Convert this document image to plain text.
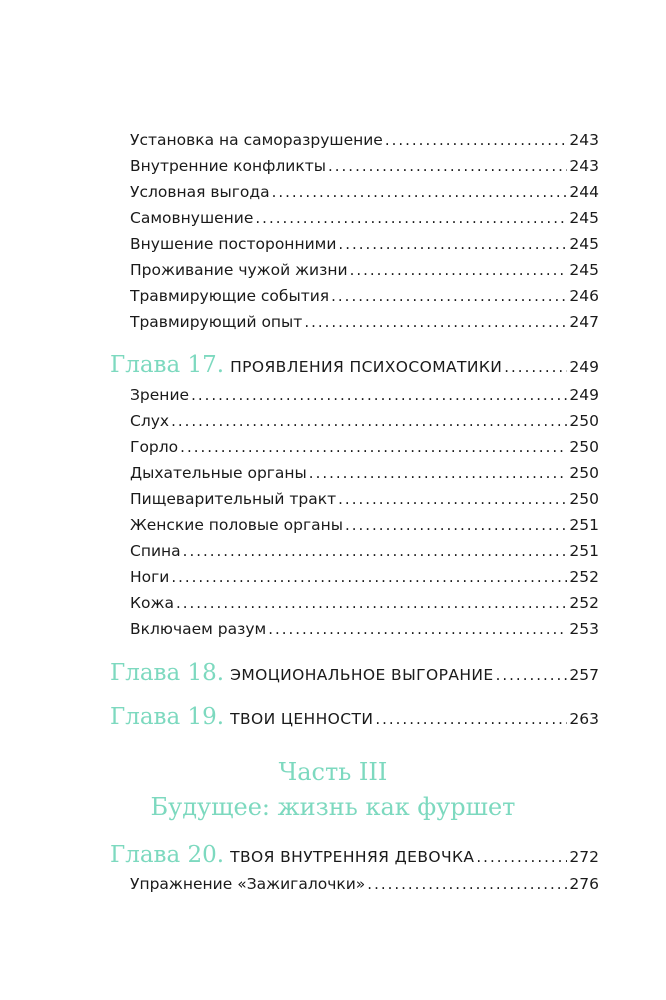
Установка на саморазрушение .....	243
Внутренние конфликты .....	243
Условная выгода .....	244
Самовнушение .....	245
Внушение посторонними .....	245
Проживание чужой жизни .....	245
Травмирующие события .....	246
Травмирующий опыт .....	247
Глава 17. ПРОЯВЛЕНИЯ ПСИХОСОМАТИКИ .....	249
Зрение .....	249
Слух .....	250
Горло .....	250
Дыхательные органы .....	250
Пищеварительный тракт .....	250
Женские половые органы .....	251
Спина .....	251
Ноги .....	252
Кожа .....	252
Включаем разум .....	253
Глава 18. ЭМОЦИОНАЛЬНОЕ ВЫГОРАНИЕ .....	257
Глава 19. ТВОИ ЦЕННОСТИ .....	263
Часть III
Будущее: жизнь как фуршет
Глава 20. ТВОЯ ВНУТРЕННЯЯ ДЕВОЧКА .....	272
Упражнение «Зажигалочки» .....	276
